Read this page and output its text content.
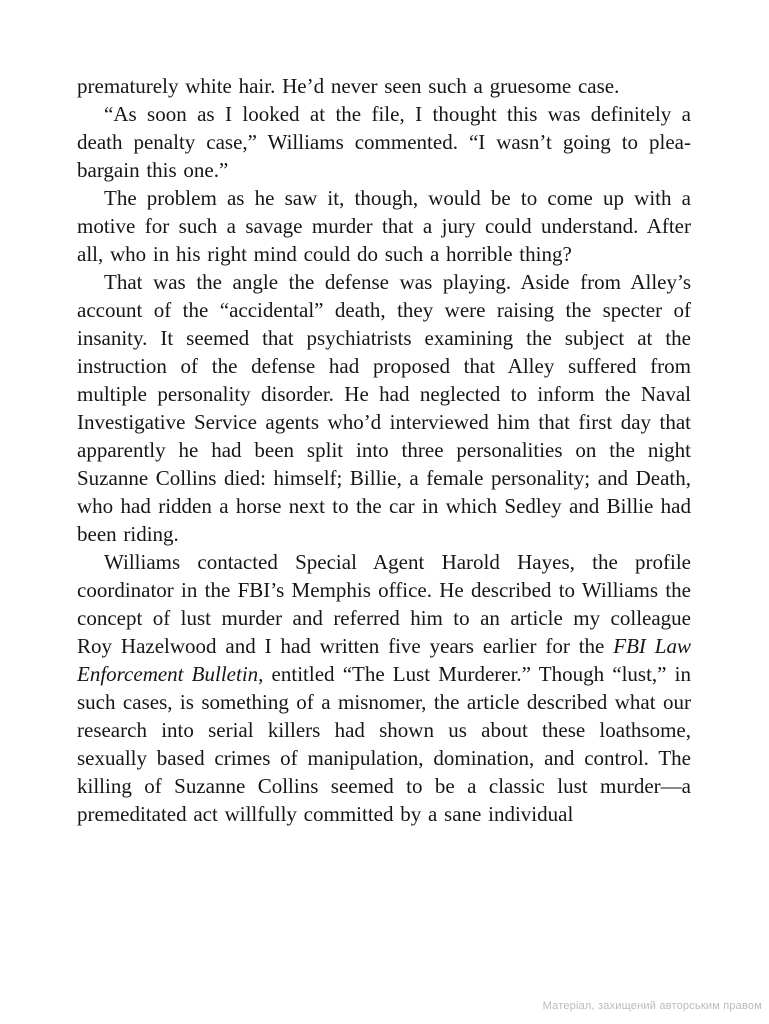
prematurely white hair. He’d never seen such a gruesome case.

“As soon as I looked at the file, I thought this was definitely a death penalty case,” Williams commented. “I wasn’t going to plea-bargain this one.”

The problem as he saw it, though, would be to come up with a motive for such a savage murder that a jury could understand. After all, who in his right mind could do such a horrible thing?

That was the angle the defense was playing. Aside from Alley’s account of the “accidental” death, they were raising the specter of insanity. It seemed that psychiatrists examining the subject at the instruction of the defense had proposed that Alley suffered from multiple personality disorder. He had neglected to inform the Naval Investigative Service agents who’d interviewed him that first day that apparently he had been split into three personalities on the night Suzanne Collins died: himself; Billie, a female personality; and Death, who had ridden a horse next to the car in which Sedley and Billie had been riding.

Williams contacted Special Agent Harold Hayes, the profile coordinator in the FBI’s Memphis office. He described to Williams the concept of lust murder and referred him to an article my colleague Roy Hazelwood and I had written five years earlier for the FBI Law Enforcement Bulletin, entitled “The Lust Murderer.” Though “lust,” in such cases, is something of a misnomer, the article described what our research into serial killers had shown us about these loathsome, sexually based crimes of manipulation, domination, and control. The killing of Suzanne Collins seemed to be a classic lust murder—a premeditated act willfully committed by a sane individual

Матеріал, захищений авторським правом
